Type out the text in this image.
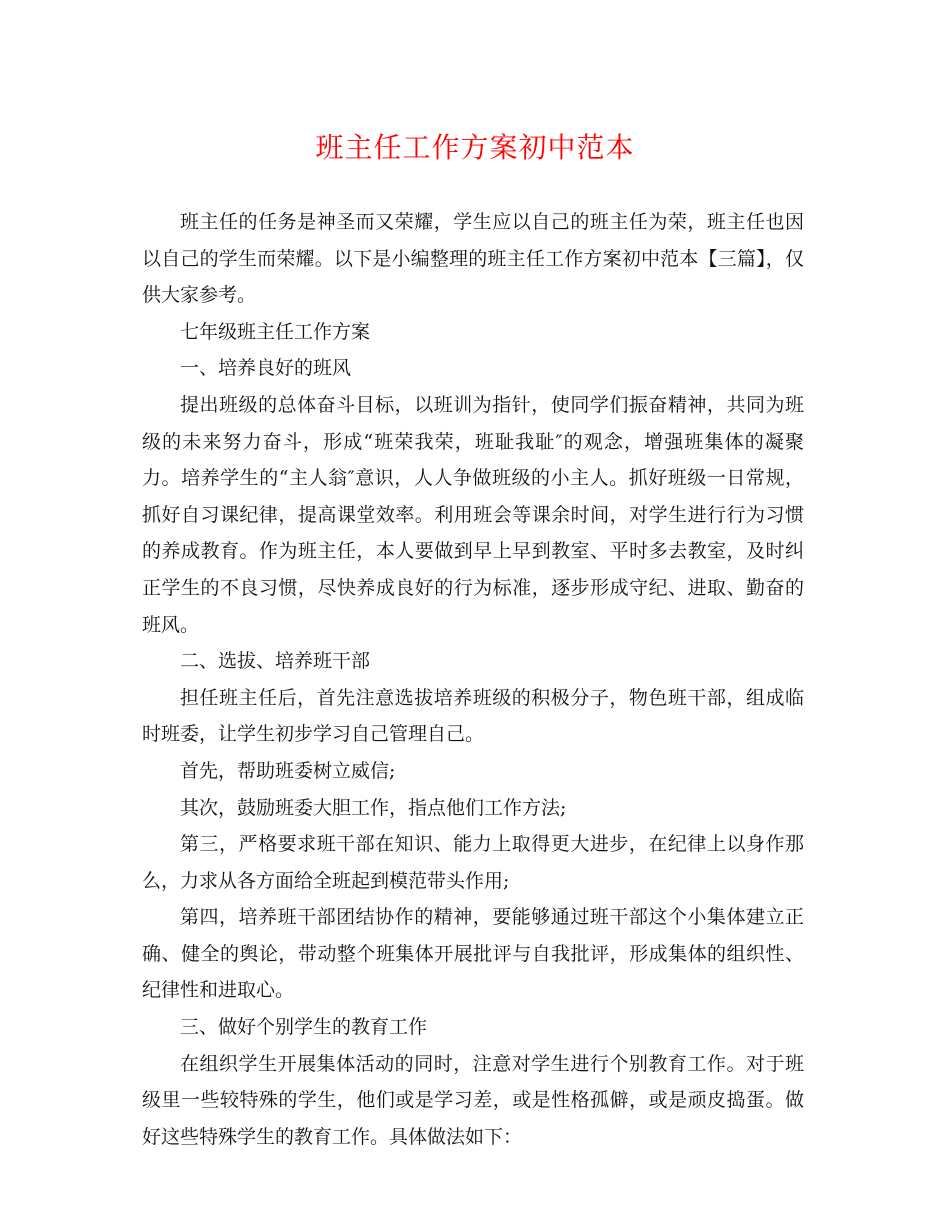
班主任工作方案初中范本

班主任的任务是神圣而又荣耀，学生应以自己的班主任为荣，班主任也因以自己的学生而荣耀。以下是小编整理的班主任工作方案初中范本【三篇】，仅供大家参考。

七年级班主任工作方案

一、培养良好的班风

提出班级的总体奋斗目标，以班训为指针，使同学们振奋精神，共同为班级的未来努力奋斗，形成“班荣我荣，班耻我耻″的观念，增强班集体的凝聚力。培养学生的“主人翁″意识，人人争做班级的小主人。抓好班级一日常规，抓好自习课纪律，提高课堂效率。利用班会等课余时间，对学生进行行为习惯的养成教育。作为班主任，本人要做到早上早到教室、平时多去教室，及时纠正学生的不良习惯，尽快养成良好的行为标准，逐步形成守纪、进取、勤奋的班风。

二、选拔、培养班干部

担任班主任后，首先注意选拔培养班级的积极分子，物色班干部，组成临时班委，让学生初步学习自己管理自己。

首先，帮助班委树立威信;

其次，鼓励班委大胆工作，指点他们工作方法;

第三，严格要求班干部在知识、能力上取得更大进步，在纪律上以身作那么，力求从各方面给全班起到模范带头作用;

第四，培养班干部团结协作的精神，要能够通过班干部这个小集体建立正确、健全的舆论，带动整个班集体开展批评与自我批评，形成集体的组织性、纪律性和进取心。

三、做好个别学生的教育工作

在组织学生开展集体活动的同时，注意对学生进行个别教育工作。对于班级里一些较特殊的学生，他们或是学习差，或是性格孤僻，或是顽皮捣蛋。做好这些特殊学生的教育工作。具体做法如下：
